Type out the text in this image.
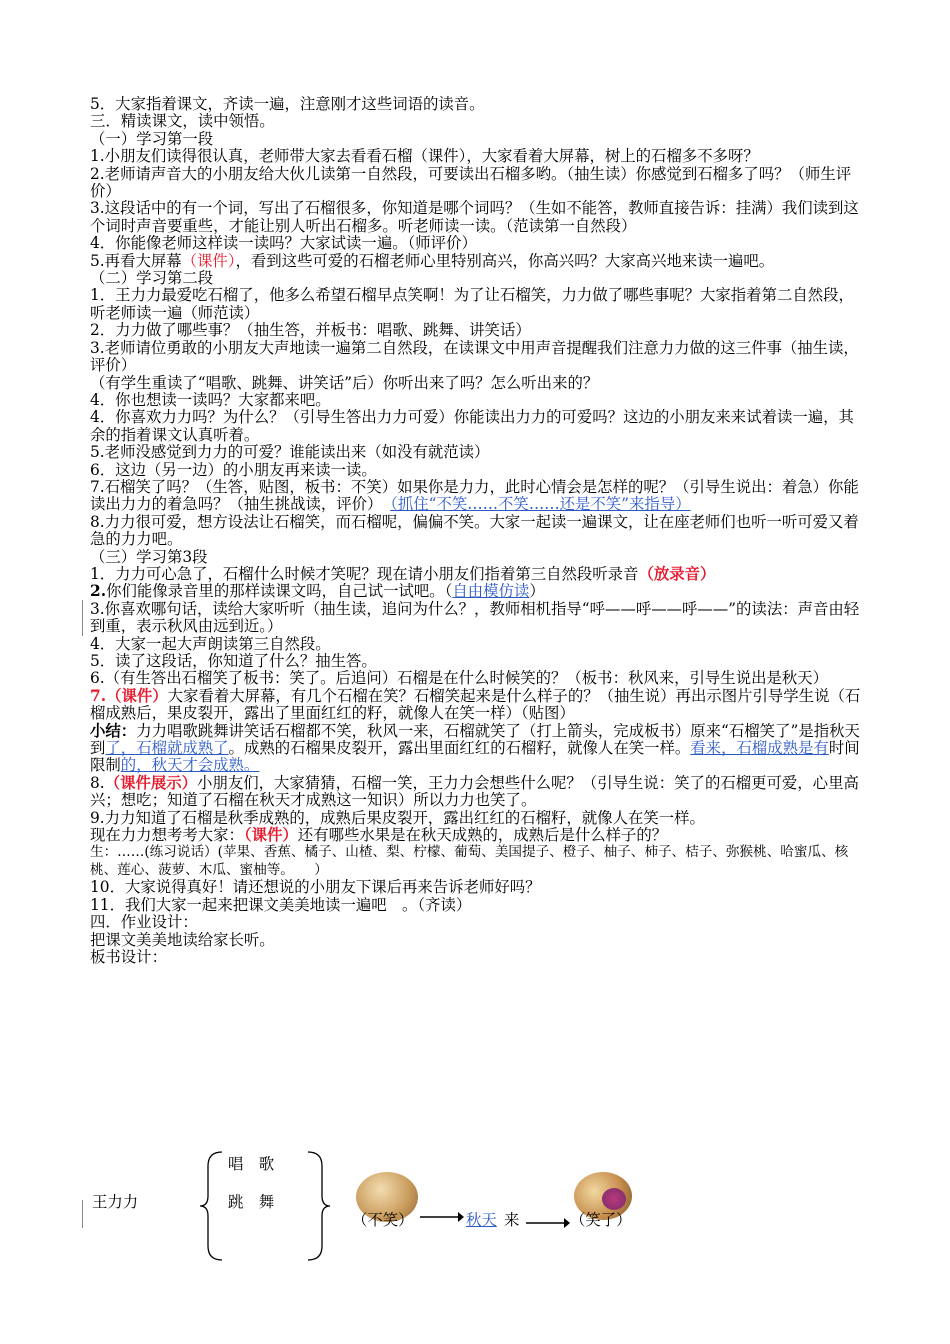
5．大家指着课文，齐读一遍，注意刚才这些词语的读音。

三．精读课文，读中领悟。

（一）学习第一段

1.小朋友们读得很认真，老师带大家去看看石榴（课件），大家看着大屏幕，树上的石榴多不多呀？

2.老师请声音大的小朋友给大伙儿读第一自然段，可要读出石榴多哟。（抽生读）你感觉到石榴多了吗？（师生评价）

3.这段话中的有一个词，写出了石榴很多，你知道是哪个词吗？（生如不能答，教师直接告诉：挂满）我们读到这个词时声音要重些，才能让别人听出石榴多。听老师读一读。（范读第一自然段）

4．你能像老师这样读一读吗？大家试读一遍。（师评价）

5.再看大屏幕（课件），看到这些可爱的石榴老师心里特别高兴，你高兴吗？大家高兴地来读一遍吧。

（二）学习第二段

1．王力力最爱吃石榴了，他多么希望石榴早点笑啊！为了让石榴笑，力力做了哪些事呢？大家指着第二自然段，听老师读一遍（师范读）

2．力力做了哪些事？（抽生答，并板书：唱歌、跳舞、讲笑话）

3.老师请位勇敢的小朋友大声地读一遍第二自然段，在读课文中用声音提醒我们注意力力做的这三件事（抽生读，评价）

（有学生重读了“唱歌、跳舞、讲笑话”后）你听出来了吗？怎么听出来的？

4．你也想读一读吗？大家都来吧。

4．你喜欢力力吗？为什么？（引导生答出力力可爱）你能读出力力的可爱吗？这边的小朋友来来试着读一遍，其余的指着课文认真听着。

5.老师没感觉到力力的可爱？谁能读出来（如没有就范读）

6．这边（另一边）的小朋友再来读一读。

7.石榴笑了吗？（生答，贴图，板书：不笑）如果你是力力，此时心情会是怎样的呢？（引导生说出：着急）你能读出力力的着急吗？（抽生挑战读，评价）　 （抓住“不笑……不笑……还是不笑”来指导）

8.力力很可爱，想方设法让石榴笑，而石榴呢，偏偏不笑。大家一起读一遍课文，让在座老师们也听一听可爱又着急的力力吧。

（三）学习第3段

1．力力可心急了，石榴什么时候才笑呢？现在请小朋友们指着第三自然段听录音（放录音）

2.你们能像录音里的那样读课文吗，自己试一试吧。（自由模仿读）

3.你喜欢哪句话，读给大家听听（抽生读，追问为什么？，教师相机指导“呼——呼——呼——”的读法：声音由轻到重，表示秋风由远到近。）

4．大家一起大声朗读第三自然段。

5．读了这段话，你知道了什么？抽生答。

6.（有生答出石榴笑了板书：笑了。后追问）石榴是在什么时候笑的？（板书：秋风来，引导生说出是秋天）

7.（课件）大家看着大屏幕，有几个石榴在笑？石榴笑起来是什么样子的？（抽生说）再出示图片引导学生说（石榴成熟后，果皮裂开，露出了里面红红的籽，就像人在笑一样）（贴图）

小结：力力唱歌跳舞讲笑话石榴都不笑，秋风一来，石榴就笑了（打上箭头，完成板书）原来“石榴笑了”是指秋天到了，石榴就成熟了。成熟的石榴果皮裂开，露出里面红红的石榴籽，就像人在笑一样。看来，石榴成熟是有时间限制的，秋天才会成熟。

8.（课件展示）小朋友们，大家猜猜，石榴一笑，王力力会想些什么呢？（引导生说：笑了的石榴更可爱，心里高兴；想吃；知道了石榴在秋天才成熟这一知识）所以力力也笑了。

9.力力知道了石榴是秋季成熟的，成熟后果皮裂开，露出红红的石榴籽，就像人在笑一样。

现在力力想考考大家：（课件）还有哪些水果是在秋天成熟的，成熟后是什么样子的？

生：……(练习说话）(苹果、香蕉、橘子、山楂、梨、柠檬、葡萄、美国提子、橙子、柚子、柿子、桔子、弥猴桃、哈蜜瓜、核桃、莲心、菠萝、木瓜、蜜柚等。　　）

10．大家说得真好！请还想说的小朋友下课后再来告诉老师好吗？

11．我们大家一起来把课文美美地读一遍吧　。（齐读）

四．作业设计：

把课文美美地读给家长听。

板书设计：

王力力
唱　歌
跳　舞
（不笑）	秋天 来	（笑了）
